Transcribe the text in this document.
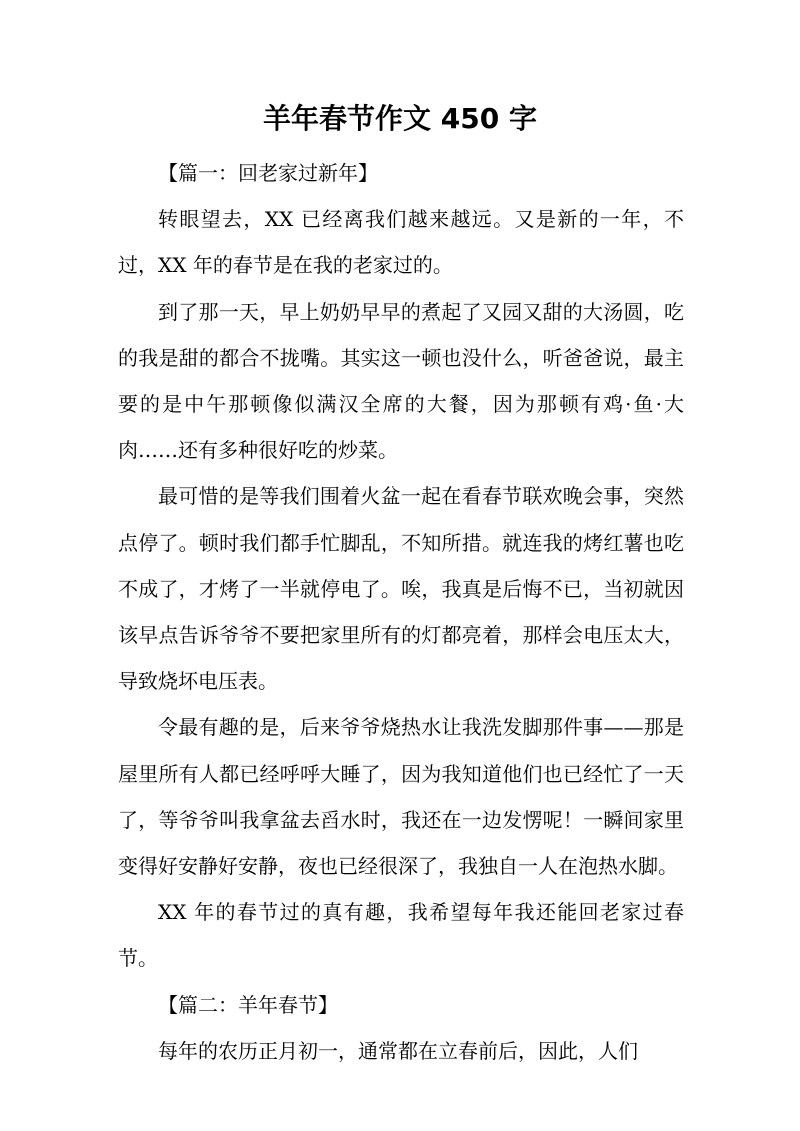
羊年春节作文 450 字

【篇一：回老家过新年】

转眼望去，XX 已经离我们越来越远。又是新的一年，不过，XX 年的春节是在我的老家过的。

到了那一天，早上奶奶早早的煮起了又园又甜的大汤圆，吃的我是甜的都合不拢嘴。其实这一顿也没什么，听爸爸说，最主要的是中午那顿像似满汉全席的大餐，因为那顿有鸡·鱼·大肉……还有多种很好吃的炒菜。

最可惜的是等我们围着火盆一起在看春节联欢晚会事，突然点停了。顿时我们都手忙脚乱，不知所措。就连我的烤红薯也吃不成了，才烤了一半就停电了。唉，我真是后悔不已，当初就因该早点告诉爷爷不要把家里所有的灯都亮着，那样会电压太大，导致烧坏电压表。

令最有趣的是，后来爷爷烧热水让我洗发脚那件事——那是屋里所有人都已经呼呼大睡了，因为我知道他们也已经忙了一天了，等爷爷叫我拿盆去舀水时，我还在一边发愣呢！一瞬间家里变得好安静好安静，夜也已经很深了，我独自一人在泡热水脚。

XX 年的春节过的真有趣，我希望每年我还能回老家过春节。

【篇二：羊年春节】

每年的农历正月初一，通常都在立春前后，因此，人们
